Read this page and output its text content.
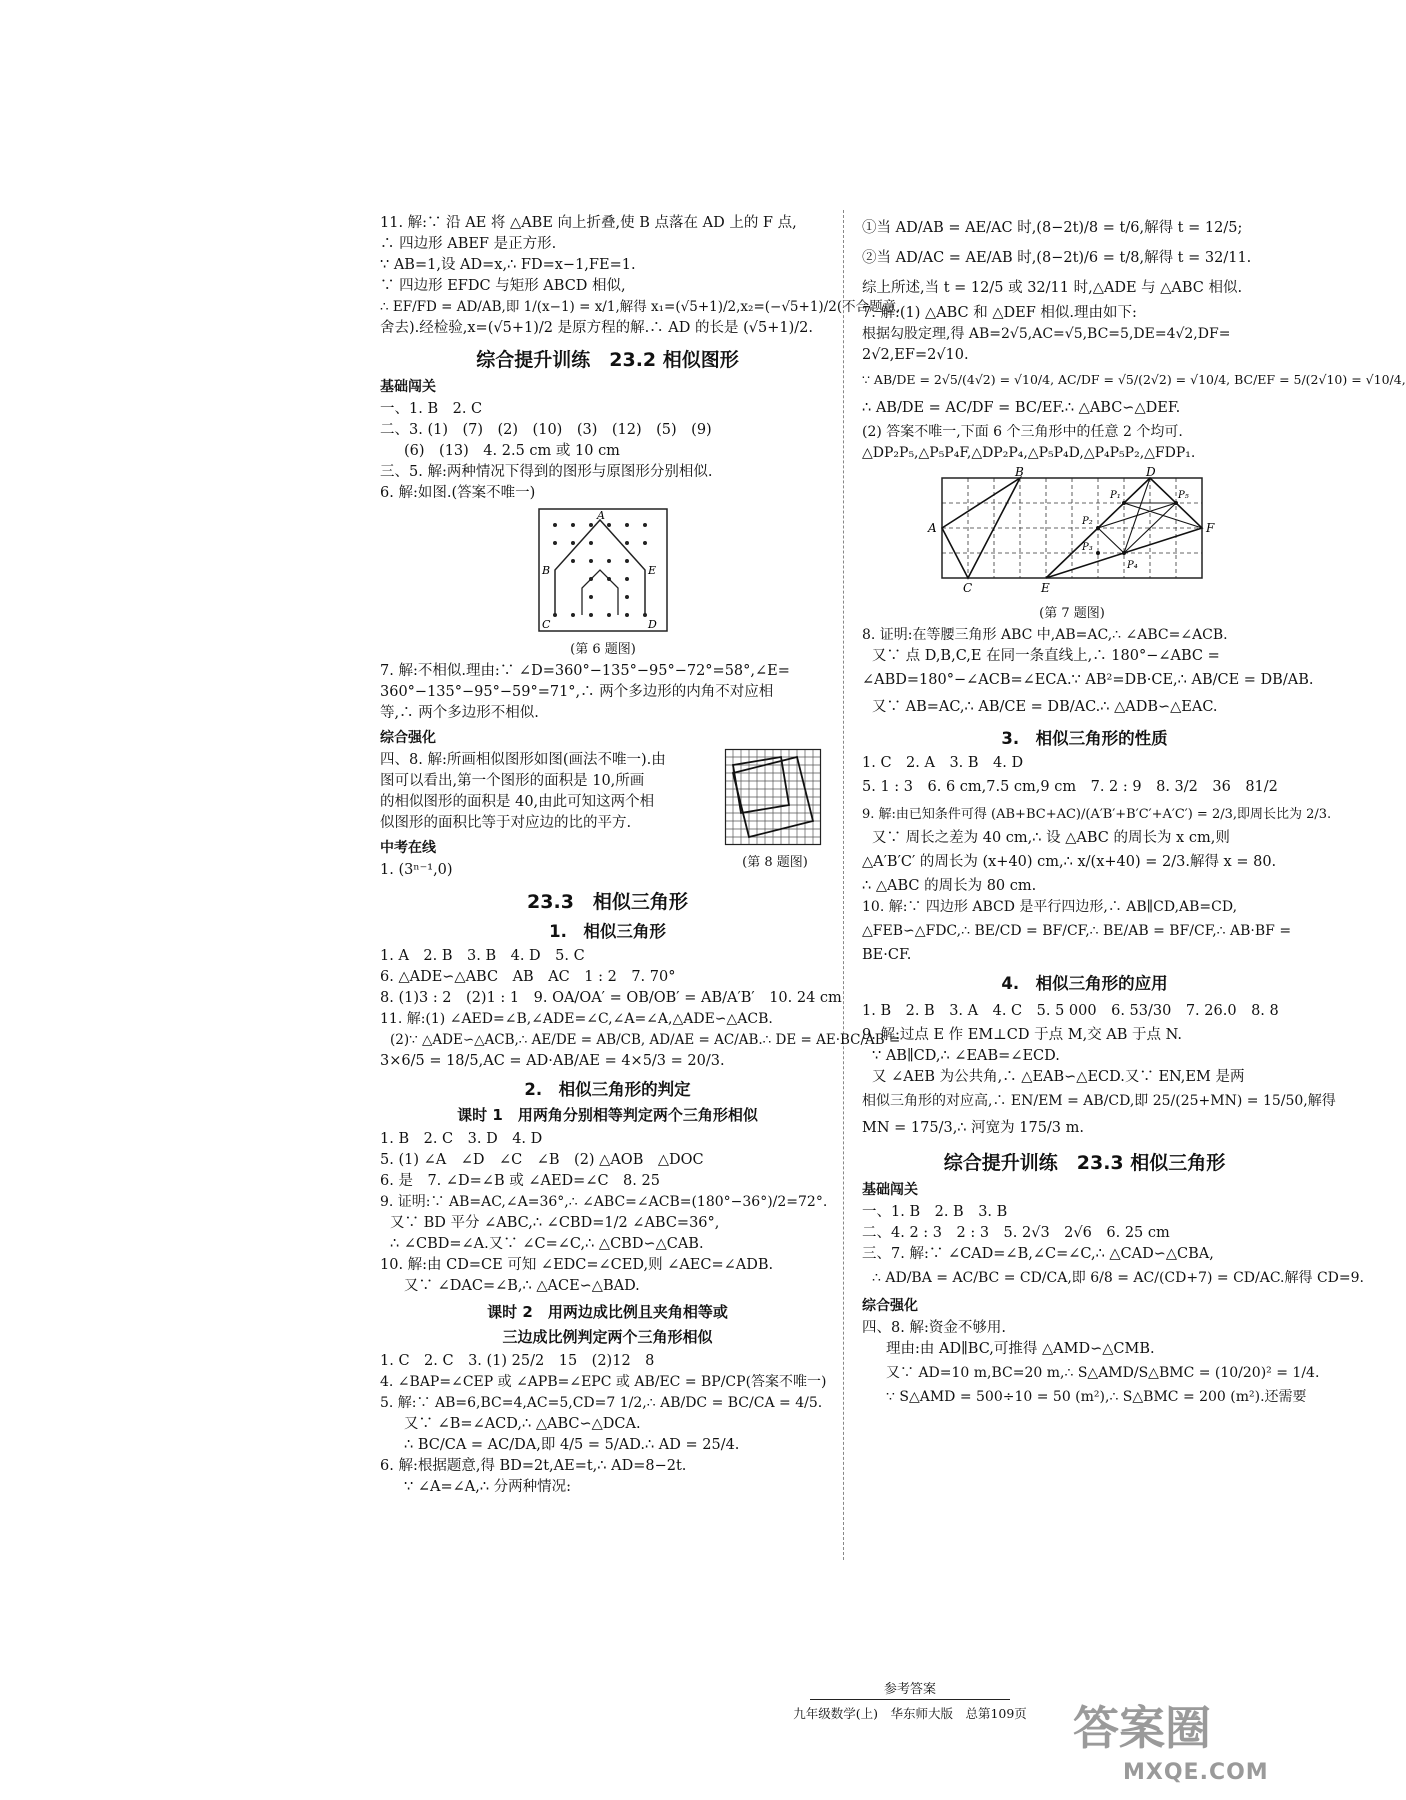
11. 解:∵ 沿 AE 将 △ABE 向上折叠,使 B 点落在 AD 上的 F 点,

∴ 四边形 ABEF 是正方形.

∵ AB=1,设 AD=x,∴ FD=x−1,FE=1.

∵ 四边形 EFDC 与矩形 ABCD 相似,

∴ EF/FD = AD/AB,即 1/(x−1) = x/1,解得 x₁=(√5+1)/2,x₂=(−√5+1)/2(不合题意,

舍去).经检验,x=(√5+1)/2 是原方程的解.∴ AD 的长是 (√5+1)/2.

综合提升训练　23.2 相似图形

基础闯关

一、1. B　2. C

二、3. (1)　(7)　(2)　(10)　(3)　(12)　(5)　(9)

(6)　(13)　4. 2.5 cm 或 10 cm

三、5. 解:两种情况下得到的图形与原图形分别相似.

6. 解:如图.(答案不唯一)

A
B	E
C	D
(第 6 题图)

7. 解:不相似.理由:∵ ∠D=360°−135°−95°−72°=58°,∠E=

360°−135°−95°−59°=71°,∴ 两个多边形的内角不对应相

等,∴ 两个多边形不相似.

综合强化

四、8. 解:所画相似图形如图(画法不唯一).由

图可以看出,第一个图形的面积是 10,所画

的相似图形的面积是 40,由此可知这两个相

似图形的面积比等于对应边的比的平方.

中考在线

1. (3ⁿ⁻¹,0)	(第 8 题图)
23.3　相似三角形
1.　相似三角形

1. A　2. B　3. B　4. D　5. C

6. △ADE∽△ABC　AB　AC　1 : 2　7. 70°

8. (1)3 : 2　(2)1 : 1　9. OA/OA′ = OB/OB′ = AB/A′B′　10. 24 cm

11. 解:(1) ∠AED=∠B,∠ADE=∠C,∠A=∠A,△ADE∽△ACB.

(2)∵ △ADE∽△ACB,∴ AE/DE = AB/CB, AD/AE = AC/AB.∴ DE = AE·BC/AB =

3×6/5 = 18/5,AC = AD·AB/AE = 4×5/3 = 20/3.

2.　相似三角形的判定
课时 1　用两角分别相等判定两个三角形相似

1. B　2. C　3. D　4. D

5. (1) ∠A　∠D　∠C　∠B　(2) △AOB　△DOC

6. 是　7. ∠D=∠B 或 ∠AED=∠C　8. 25

9. 证明:∵ AB=AC,∠A=36°,∴ ∠ABC=∠ACB=(180°−36°)/2=72°.

又∵ BD 平分 ∠ABC,∴ ∠CBD=1/2 ∠ABC=36°,

∴ ∠CBD=∠A.又∵ ∠C=∠C,∴ △CBD∽△CAB.

10. 解:由 CD=CE 可知 ∠EDC=∠CED,则 ∠AEC=∠ADB.

又∵ ∠DAC=∠B,∴ △ACE∽△BAD.

课时 2　用两边成比例且夹角相等或
三边成比例判定两个三角形相似

1. C　2. C　3. (1) 25/2　15　(2)12　8

4. ∠BAP=∠CEP 或 ∠APB=∠EPC 或 AB/EC = BP/CP(答案不唯一)

5. 解:∵ AB=6,BC=4,AC=5,CD=7 1/2,∴ AB/DC = BC/CA = 4/5.

又∵ ∠B=∠ACD,∴ △ABC∽△DCA.

∴ BC/CA = AC/DA,即 4/5 = 5/AD.∴ AD = 25/4.

6. 解:根据题意,得 BD=2t,AE=t,∴ AD=8−2t.

∵ ∠A=∠A,∴ 分两种情况:

①当 AD/AB = AE/AC 时,(8−2t)/8 = t/6,解得 t = 12/5;

②当 AD/AC = AE/AB 时,(8−2t)/6 = t/8,解得 t = 32/11.

综上所述,当 t = 12/5 或 32/11 时,△ADE 与 △ABC 相似.

7. 解:(1) △ABC 和 △DEF 相似.理由如下:

根据勾股定理,得 AB=2√5,AC=√5,BC=5,DE=4√2,DF=

2√2,EF=2√10.

∵ AB/DE = 2√5/(4√2) = √10/4, AC/DF = √5/(2√2) = √10/4, BC/EF = 5/(2√10) = √10/4,

∴ AB/DE = AC/DF = BC/EF.∴ △ABC∽△DEF.

(2) 答案不唯一,下面 6 个三角形中的任意 2 个均可.

△DP₂P₅,△P₅P₄F,△DP₂P₄,△P₅P₄D,△P₄P₅P₂,△FDP₁.

A
B
C
D
E
F
P₁
P₂
P₃
P₄
P₅
(第 7 题图)

8. 证明:在等腰三角形 ABC 中,AB=AC,∴ ∠ABC=∠ACB.

又∵ 点 D,B,C,E 在同一条直线上,∴ 180°−∠ABC =

∠ABD=180°−∠ACB=∠ECA.∵ AB²=DB·CE,∴ AB/CE = DB/AB.

又∵ AB=AC,∴ AB/CE = DB/AC.∴ △ADB∽△EAC.

3.　相似三角形的性质

1. C　2. A　3. B　4. D

5. 1 : 3　6. 6 cm,7.5 cm,9 cm　7. 2 : 9　8. 3/2　36　81/2

9. 解:由已知条件可得 (AB+BC+AC)/(A′B′+B′C′+A′C′) = 2/3,即周长比为 2/3.

又∵ 周长之差为 40 cm,∴ 设 △ABC 的周长为 x cm,则

△A′B′C′ 的周长为 (x+40) cm,∴ x/(x+40) = 2/3.解得 x = 80.

∴ △ABC 的周长为 80 cm.

10. 解:∵ 四边形 ABCD 是平行四边形,∴ AB∥CD,AB=CD,

△FEB∽△FDC,∴ BE/CD = BF/CF,∴ BE/AB = BF/CF,∴ AB·BF =

BE·CF.

4.　相似三角形的应用

1. B　2. B　3. A　4. C　5. 5 000　6. 53/30　7. 26.0　8. 8

9. 解:过点 E 作 EM⊥CD 于点 M,交 AB 于点 N.

∵ AB∥CD,∴ ∠EAB=∠ECD.

又 ∠AEB 为公共角,∴ △EAB∽△ECD.又∵ EN,EM 是两

相似三角形的对应高,∴ EN/EM = AB/CD,即 25/(25+MN) = 15/50,解得

MN = 175/3,∴ 河宽为 175/3 m.

综合提升训练　23.3 相似三角形

基础闯关

一、1. B　2. B　3. B

二、4. 2 : 3　2 : 3　5. 2√3　2√6　6. 25 cm

三、7. 解:∵ ∠CAD=∠B,∠C=∠C,∴ △CAD∽△CBA,

∴ AD/BA = AC/BC = CD/CA,即 6/8 = AC/(CD+7) = CD/AC.解得 CD=9.

综合强化

四、8. 解:资金不够用.

理由:由 AD∥BC,可推得 △AMD∽△CMB.

又∵ AD=10 m,BC=20 m,∴ S△AMD/S△BMC = (10/20)² = 1/4.

∵ S△AMD = 500÷10 = 50 (m²),∴ S△BMC = 200 (m²).还需要

参考答案
九年级数学(上)　华东师大版　总第109页	答案圈
MXQE.COM
